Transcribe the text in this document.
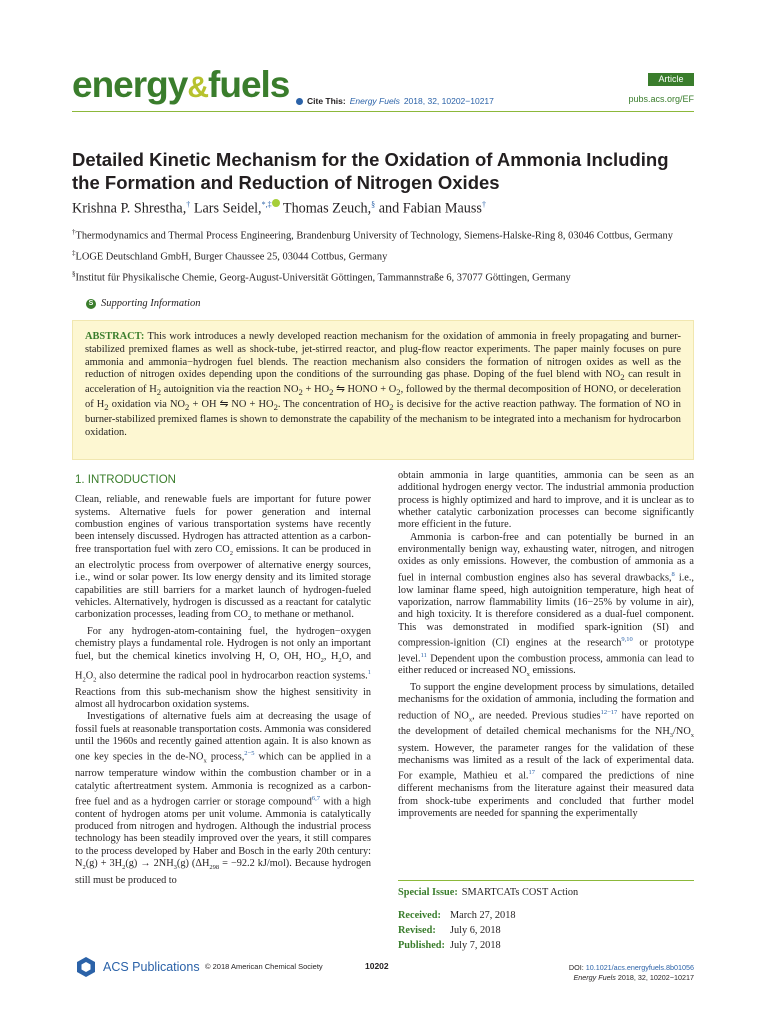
energy&fuels	Article
Cite This: Energy Fuels 2018, 32, 10202−10217	pubs.acs.org/EF
Detailed Kinetic Mechanism for the Oxidation of Ammonia Including the Formation and Reduction of Nitrogen Oxides
Krishna P. Shrestha,† Lars Seidel,*,‡ Thomas Zeuch,§ and Fabian Mauss†

†Thermodynamics and Thermal Process Engineering, Brandenburg University of Technology, Siemens-Halske-Ring 8, 03046 Cottbus, Germany

‡LOGE Deutschland GmbH, Burger Chaussee 25, 03044 Cottbus, Germany

§Institut für Physikalische Chemie, Georg-August-Universität Göttingen, Tammannstraße 6, 37077 Göttingen, Germany

S Supporting Information
ABSTRACT: This work introduces a newly developed reaction mechanism for the oxidation of ammonia in freely propagating and burner-stabilized premixed flames as well as shock-tube, jet-stirred reactor, and plug-flow reactor experiments. The paper mainly focuses on pure ammonia and ammonia−hydrogen fuel blends. The reaction mechanism also considers the formation of nitrogen oxides as well as the reduction of nitrogen oxides depending upon the conditions of the surrounding gas phase. Doping of the fuel blend with $NO_2$ can result in acceleration of $H_2$ autoignition via the reaction $NO_2 + HO_2$ ⇋ HONO + $O_2$, followed by the thermal decomposition of HONO, or deceleration of $H_2$ oxidation via $NO_2$ + OH ⇋ NO + $HO_2$. The concentration of $HO_2$ is decisive for the active reaction pathway. The formation of NO in burner-stabilized premixed flames is shown to demonstrate the capability of the mechanism to be integrated into a mechanism for hydrocarbon oxidation.
1. INTRODUCTION

Clean, reliable, and renewable fuels are important for future power systems. Alternative fuels for power generation and internal combustion engines of various transportation systems have recently been intensely discussed. Hydrogen has attracted attention as a carbon-free transportation fuel with zero $CO_2$ emissions. It can be produced in an electrolytic process from overpower of alternative energy sources, i.e., wind or solar power. Its low energy density and its limited storage capabilities are still barriers for a market launch of hydrogen-fueled vehicles. Alternatively, hydrogen is discussed as a reactant for catalytic carbonization processes, leading from $CO_2$ to methane or methanol.

For any hydrogen-atom-containing fuel, the hydrogen−oxygen chemistry plays a fundamental role. Hydrogen is not only an important fuel, but the chemical kinetics involving H, O, OH, $HO_2$, $H_2O$, and $H_2O_2$ also determine the radical pool in hydrocarbon reaction systems.$^1$ Reactions from this sub-mechanism show the highest sensitivity in almost all hydrocarbon oxidation systems.

Investigations of alternative fuels aim at decreasing the usage of fossil fuels at reasonable transportation costs. Ammonia was considered until the 1960s and recently gained attention again. It is also known as one key species in the $de-NO_x$ process,$^{2-5}$ which can be applied in a narrow temperature window within the combustion chamber or in a catalytic aftertreatment system. Ammonia is recognized as a carbon-free fuel and as a hydrogen carrier or storage compound$^{6,7}$ with a high content of hydrogen atoms per unit volume. Ammonia is catalytically produced from nitrogen and hydrogen. Although the industrial process technology has been steadily improved over the years, it still compares to the process developed by Haber and Bosch in the early 20th century: $N_2(g) + 3H_2(g) \to 2NH_3(g) (\Delta H_{298} = -92.2$ kJ/mol). Because hydrogen still must be produced to

obtain ammonia in large quantities, ammonia can be seen as an additional hydrogen energy vector. The industrial ammonia production process is highly optimized and hard to improve, and it is unclear as to whether catalytic carbonization processes can become significantly more efficient in the future.

Ammonia is carbon-free and can potentially be burned in an environmentally benign way, exhausting water, nitrogen, and nitrogen oxides as only emissions. However, the combustion of ammonia as a fuel in internal combustion engines also has several drawbacks,$^8$ i.e., low laminar flame speed, high autoignition temperature, high heat of vaporization, narrow flammability limits (16−25% by volume in air), and high toxicity. It is therefore considered as a dual-fuel component. This was demonstrated in modified spark-ignition (SI) and compression-ignition (CI) engines at the research$^{9,10}$ or prototype level.$^{11}$ Dependent upon the combustion process, ammonia can lead to either reduced or increased $NO_x$ emissions.

To support the engine development process by simulations, detailed mechanisms for the oxidation of ammonia, including the formation and reduction of $NO_x$, are needed. Previous studies$^{12-17}$ have reported on the development of detailed chemical mechanisms for the $NH_3/NO_x$ system. However, the parameter ranges for the validation of these mechanisms was limited as a result of the lack of experimental data. For example, Mathieu et al.$^{17}$ compared the predictions of nine different mechanisms from the literature against their measured data from shock-tube experiments and concluded that further model improvements are needed for spanning the experimentally

Special Issue: SMARTCATs COST Action
Received: March 27, 2018
Revised:	July 6, 2018
Published: July 7, 2018
ACS Publications © 2018 American Chemical Society	10202	DOI: 10.1021/acs.energyfuels.8b01056
Energy Fuels 2018, 32, 10202−10217
